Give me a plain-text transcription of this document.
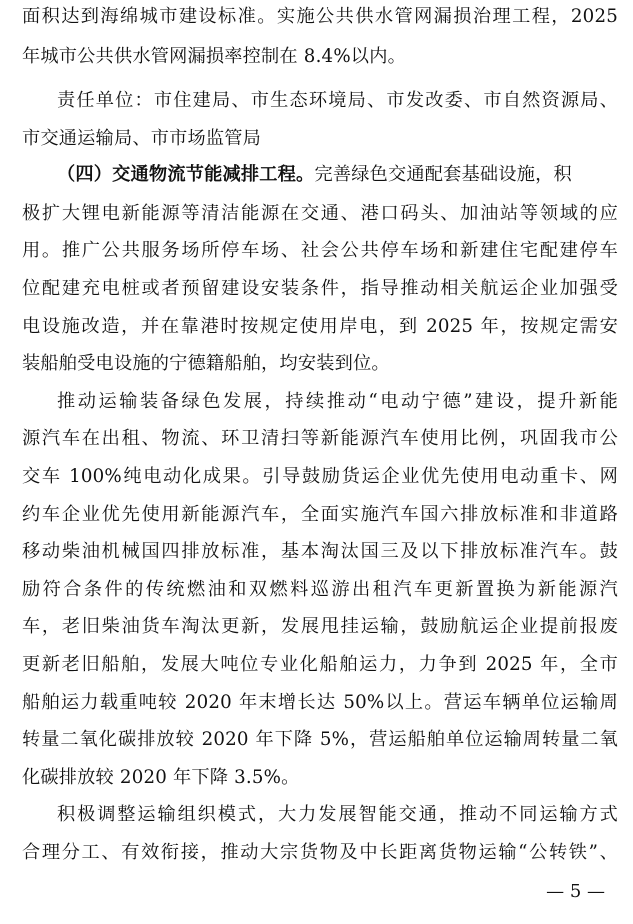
面积达到海绵城市建设标准。实施公共供水管网漏损治理工程，2025
年城市公共供水管网漏损率控制在 8.4%以内。
责任单位：市住建局、市生态环境局、市发改委、市自然资源局、
市交通运输局、市市场监管局
（四）交通物流节能减排工程。完善绿色交通配套基础设施，积
极扩大锂电新能源等清洁能源在交通、港口码头、加油站等领域的应
用。推广公共服务场所停车场、社会公共停车场和新建住宅配建停车
位配建充电桩或者预留建设安装条件，指导推动相关航运企业加强受
电设施改造，并在靠港时按规定使用岸电，到 2025 年，按规定需安
装船舶受电设施的宁德籍船舶，均安装到位。
推动运输装备绿色发展，持续推动“电动宁德”建设，提升新能
源汽车在出租、物流、环卫清扫等新能源汽车使用比例，巩固我市公
交车 100%纯电动化成果。引导鼓励货运企业优先使用电动重卡、网
约车企业优先使用新能源汽车，全面实施汽车国六排放标准和非道路
移动柴油机械国四排放标准，基本淘汰国三及以下排放标准汽车。鼓
励符合条件的传统燃油和双燃料巡游出租汽车更新置换为新能源汽
车，老旧柴油货车淘汰更新，发展甩挂运输，鼓励航运企业提前报废
更新老旧船舶，发展大吨位专业化船舶运力，力争到 2025 年，全市
船舶运力载重吨较 2020 年末增长达 50%以上。营运车辆单位运输周
转量二氧化碳排放较 2020 年下降 5%，营运船舶单位运输周转量二氧
化碳排放较 2020 年下降 3.5%。
积极调整运输组织模式，大力发展智能交通，推动不同运输方式
合理分工、有效衔接，推动大宗货物及中长距离货物运输“公转铁”、
— 5 —
